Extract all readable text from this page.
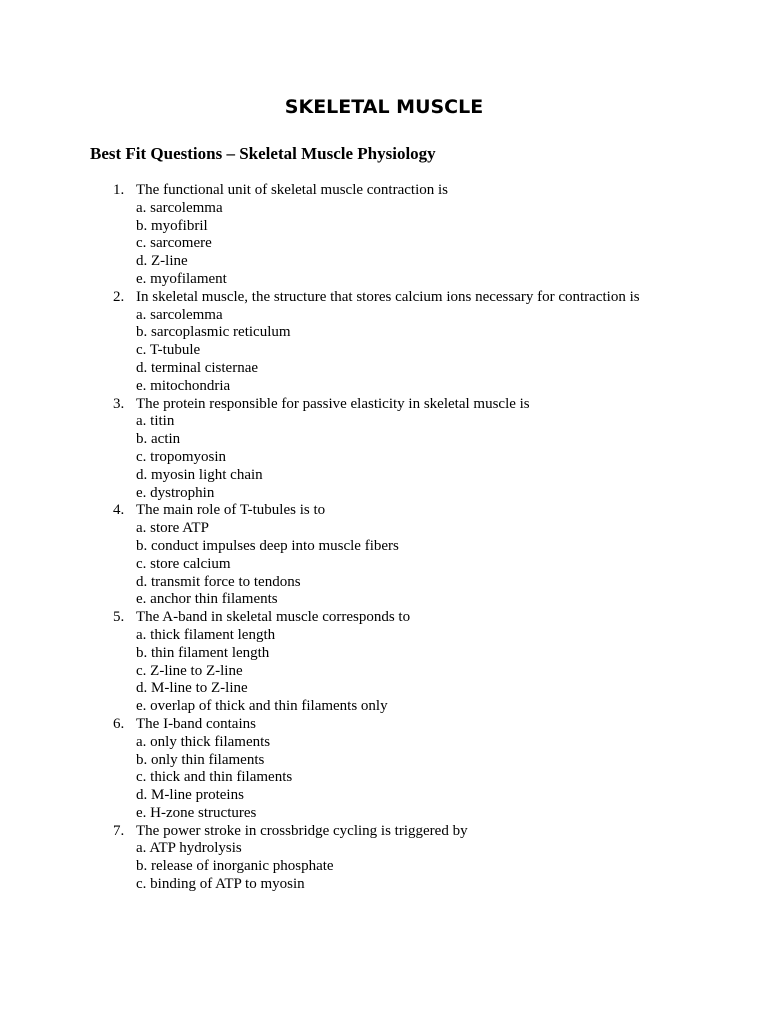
SKELETAL MUSCLE
Best Fit Questions – Skeletal Muscle Physiology
1. The functional unit of skeletal muscle contraction is
a. sarcolemma
b. myofibril
c. sarcomere
d. Z-line
e. myofilament
2. In skeletal muscle, the structure that stores calcium ions necessary for contraction is
a. sarcolemma
b. sarcoplasmic reticulum
c. T-tubule
d. terminal cisternae
e. mitochondria
3. The protein responsible for passive elasticity in skeletal muscle is
a. titin
b. actin
c. tropomyosin
d. myosin light chain
e. dystrophin
4. The main role of T-tubules is to
a. store ATP
b. conduct impulses deep into muscle fibers
c. store calcium
d. transmit force to tendons
e. anchor thin filaments
5. The A-band in skeletal muscle corresponds to
a. thick filament length
b. thin filament length
c. Z-line to Z-line
d. M-line to Z-line
e. overlap of thick and thin filaments only
6. The I-band contains
a. only thick filaments
b. only thin filaments
c. thick and thin filaments
d. M-line proteins
e. H-zone structures
7. The power stroke in crossbridge cycling is triggered by
a. ATP hydrolysis
b. release of inorganic phosphate
c. binding of ATP to myosin
